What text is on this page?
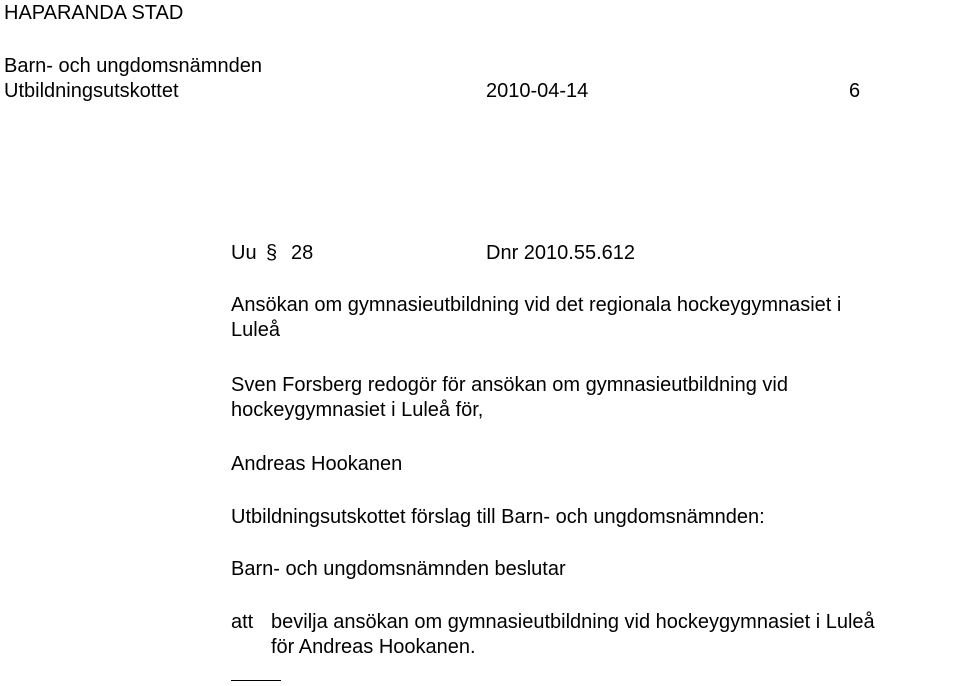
HAPARANDA STAD
Barn- och ungdomsnämnden
Utbildningsutskottet	2010-04-14	6
Uu § 28	Dnr 2010.55.612
Ansökan om gymnasieutbildning vid det regionala hockeygymnasiet i
Luleå
Sven Forsberg redogör för ansökan om gymnasieutbildning vid
hockeygymnasiet i Luleå för,
Andreas Hookanen
Utbildningsutskottet förslag till Barn- och ungdomsnämnden:
Barn- och ungdomsnämnden beslutar
att bevilja ansökan om gymnasieutbildning vid hockeygymnasiet i Luleå
för Andreas Hookanen.
